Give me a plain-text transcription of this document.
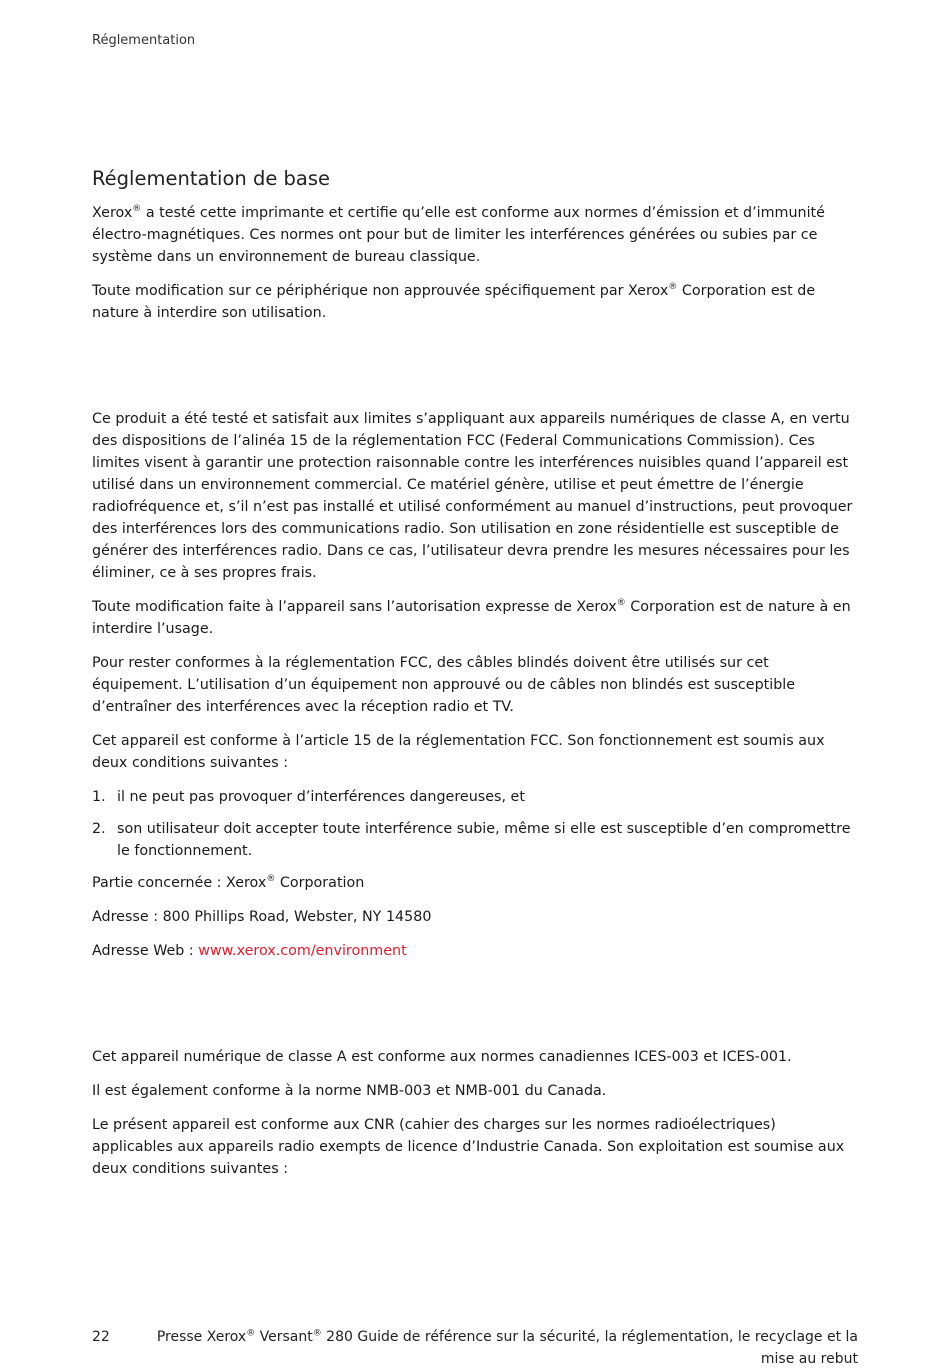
Réglementation
Réglementation de base

Xerox® a testé cette imprimante et certifie qu’elle est conforme aux normes d’émission et d’immunité électro-magnétiques. Ces normes ont pour but de limiter les interférences générées ou subies par ce système dans un environnement de bureau classique.

Toute modification sur ce périphérique non approuvée spécifiquement par Xerox® Corporation est de nature à interdire son utilisation.

Ce produit a été testé et satisfait aux limites s’appliquant aux appareils numériques de classe A, en vertu des dispositions de l’alinéa 15 de la réglementation FCC (Federal Communications Commission). Ces limites visent à garantir une protection raisonnable contre les interférences nuisibles quand l’appareil est utilisé dans un environnement commercial. Ce matériel génère, utilise et peut émettre de l’énergie radiofréquence et, s’il n’est pas installé et utilisé conformément au manuel d’instructions, peut provoquer des interférences lors des communications radio. Son utilisation en zone résidentielle est susceptible de générer des interférences radio. Dans ce cas, l’utilisateur devra prendre les mesures nécessaires pour les éliminer, ce à ses propres frais.

Toute modification faite à l’appareil sans l’autorisation expresse de Xerox® Corporation est de nature à en interdire l’usage.

Pour rester conformes à la réglementation FCC, des câbles blindés doivent être utilisés sur cet équipement. L’utilisation d’un équipement non approuvé ou de câbles non blindés est susceptible d’entraîner des interférences avec la réception radio et TV.

Cet appareil est conforme à l’article 15 de la réglementation FCC. Son fonctionnement est soumis aux deux conditions suivantes :

1. il ne peut pas provoquer d’interférences dangereuses, et
2. son utilisateur doit accepter toute interférence subie, même si elle est susceptible d’en compromettre le fonctionnement.

Partie concernée : Xerox® Corporation

Adresse : 800 Phillips Road, Webster, NY 14580

Adresse Web : www.xerox.com/environment

Cet appareil numérique de classe A est conforme aux normes canadiennes ICES-003 et ICES-001.

Il est également conforme à la norme NMB-003 et NMB-001 du Canada.

Le présent appareil est conforme aux CNR (cahier des charges sur les normes radioélectriques) applicables aux appareils radio exempts de licence d’Industrie Canada. Son exploitation est soumise aux deux conditions suivantes :

22	Presse Xerox® Versant® 280 Guide de référence sur la sécurité, la réglementation, le recyclage et la mise au rebut
